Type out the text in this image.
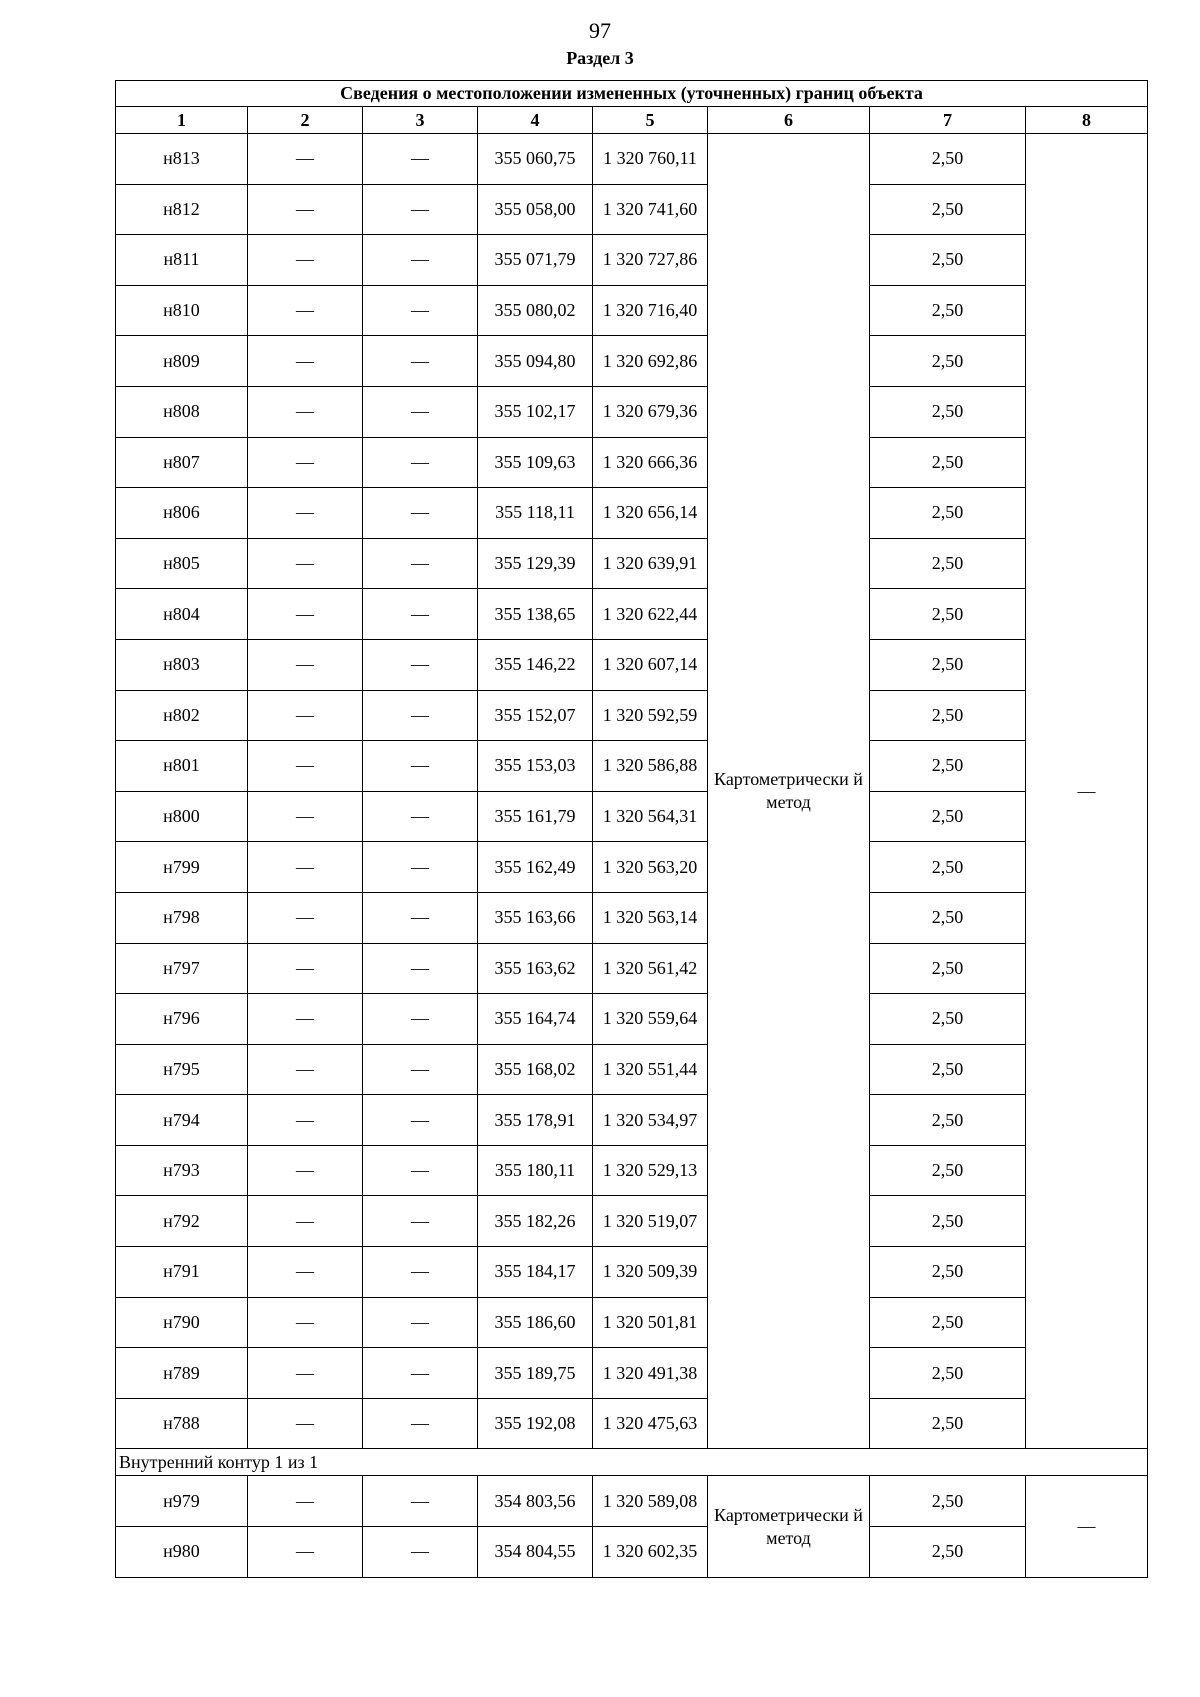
97
Раздел 3
Сведения о местоположении измененных (уточненных) границ объекта							
1	2	3	4	5	6	7	8
н813	—	—	355 060,75	1 320 760,11	Картометрически й метод	2,50	—
н812	—	—	355 058,00	1 320 741,60		2,50	
н811	—	—	355 071,79	1 320 727,86		2,50	
н810	—	—	355 080,02	1 320 716,40		2,50	
н809	—	—	355 094,80	1 320 692,86		2,50	
н808	—	—	355 102,17	1 320 679,36		2,50	
н807	—	—	355 109,63	1 320 666,36		2,50	
н806	—	—	355 118,11	1 320 656,14		2,50	
н805	—	—	355 129,39	1 320 639,91		2,50	
н804	—	—	355 138,65	1 320 622,44		2,50	
н803	—	—	355 146,22	1 320 607,14		2,50	
н802	—	—	355 152,07	1 320 592,59		2,50	
н801	—	—	355 153,03	1 320 586,88		2,50	
н800	—	—	355 161,79	1 320 564,31		2,50	
н799	—	—	355 162,49	1 320 563,20		2,50	
н798	—	—	355 163,66	1 320 563,14		2,50	
н797	—	—	355 163,62	1 320 561,42		2,50	
н796	—	—	355 164,74	1 320 559,64		2,50	
н795	—	—	355 168,02	1 320 551,44		2,50	
н794	—	—	355 178,91	1 320 534,97		2,50	
н793	—	—	355 180,11	1 320 529,13		2,50	
н792	—	—	355 182,26	1 320 519,07		2,50	
н791	—	—	355 184,17	1 320 509,39		2,50	
н790	—	—	355 186,60	1 320 501,81		2,50	
н789	—	—	355 189,75	1 320 491,38		2,50	
н788	—	—	355 192,08	1 320 475,63		2,50	
Внутренний контур 1 из 1							
н979	—	—	354 803,56	1 320 589,08	Картометрически й метод	2,50	—
н980	—	—	354 804,55	1 320 602,35		2,50	
